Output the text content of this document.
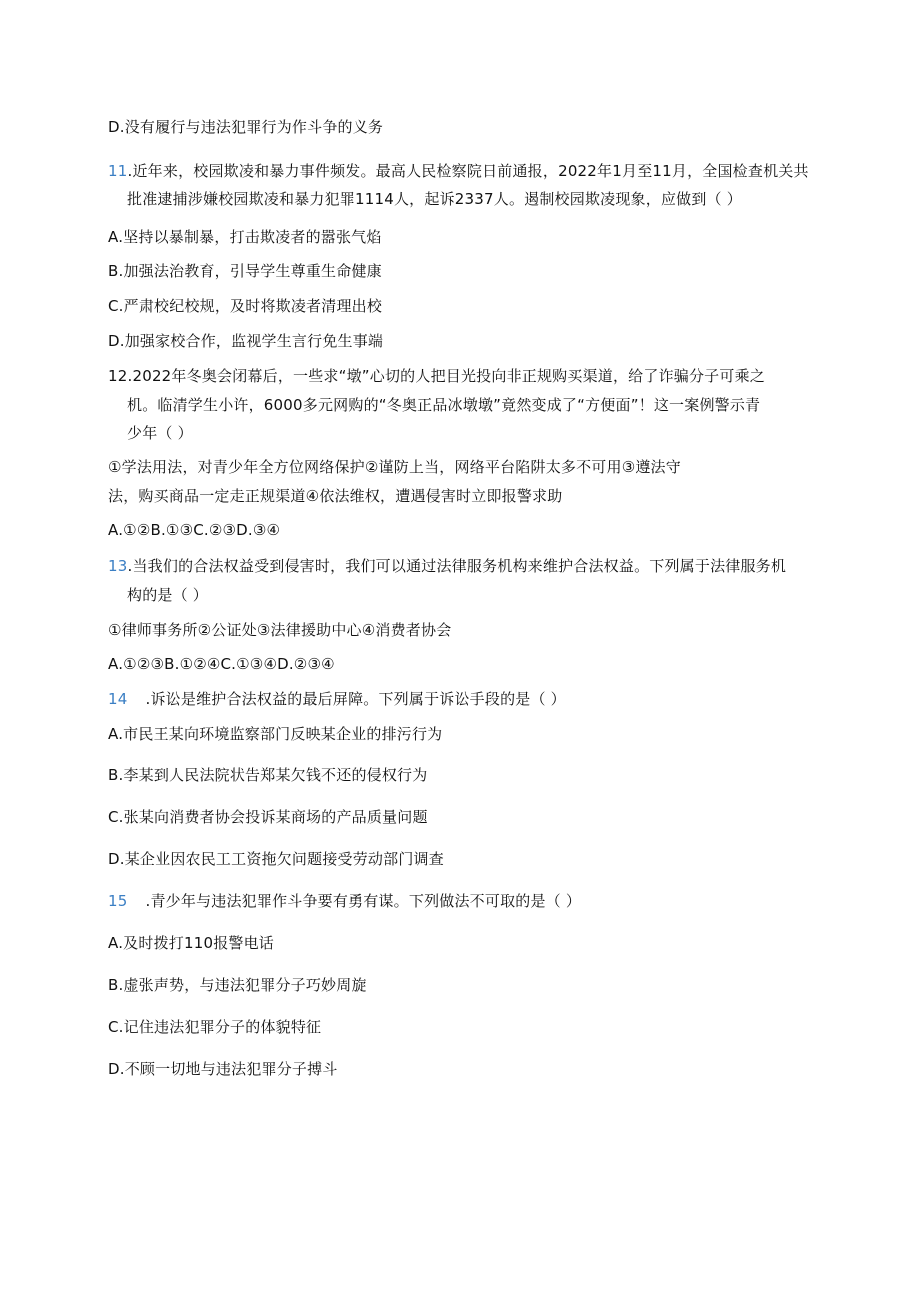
D.没有履行与违法犯罪行为作斗争的义务
11.近年来，校园欺凌和暴力事件频发。最高人民检察院日前通报，2022年1月至11月，全国检查机关共
批准逮捕涉嫌校园欺凌和暴力犯罪1114人，起诉2337人。遏制校园欺凌现象，应做到（ ）
A.坚持以暴制暴，打击欺凌者的嚣张气焰
B.加强法治教育，引导学生尊重生命健康
C.严肃校纪校规，及时将欺凌者清理出校
D.加强家校合作，监视学生言行免生事端
12.2022年冬奥会闭幕后，一些求“墩”心切的人把目光投向非正规购买渠道，给了诈骗分子可乘之
机。临清学生小许，6000多元网购的“冬奥正品冰墩墩”竟然变成了“方便面”！这一案例警示青
少年（ ）
①学法用法，对青少年全方位网络保护②谨防上当，网络平台陷阱太多不可用③遵法守
法，购买商品一定走正规渠道④依法维权，遭遇侵害时立即报警求助
A.①②B.①③C.②③D.③④
13.当我们的合法权益受到侵害时，我们可以通过法律服务机构来维护合法权益。下列属于法律服务机
构的是（ ）
①律师事务所②公证处③法律援助中心④消费者协会
A.①②③B.①②④C.①③④D.②③④
14 .诉讼是维护合法权益的最后屏障。下列属于诉讼手段的是（ ）
A.市民王某向环境监察部门反映某企业的排污行为
B.李某到人民法院状告郑某欠钱不还的侵权行为
C.张某向消费者协会投诉某商场的产品质量问题
D.某企业因农民工工资拖欠问题接受劳动部门调查
15 .青少年与违法犯罪作斗争要有勇有谋。下列做法不可取的是（ ）
A.及时拨打110报警电话
B.虚张声势，与违法犯罪分子巧妙周旋
C.记住违法犯罪分子的体貌特征
D.不顾一切地与违法犯罪分子搏斗
